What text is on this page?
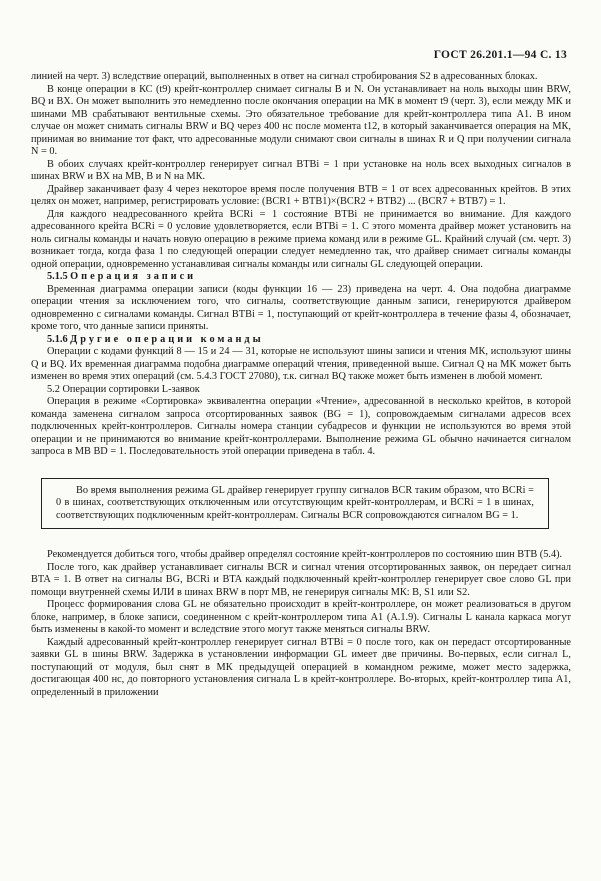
ГОСТ 26.201.1—94 С. 13

линией на черт. 3) вследствие операций, выполненных в ответ на сигнал стробирования S2 в адресованных блоках.

В конце операции в КС (t9) крейт-контроллер снимает сигналы В и N. Он устанавливает на ноль выходы шин BRW, BQ и BX. Он может выполнить это немедленно после окончания операции на МК в момент t9 (черт. 3), если между МК и шинами МВ срабатывают вентильные схемы. Это обязательное требование для крейт-контроллера типа А1. В ином случае он может снимать сигналы BRW и BQ через 400 нс после момента t12, в который заканчивается операция на МК, принимая во внимание тот факт, что адресованные модули снимают свои сигналы в шинах R и Q при получении сигнала N = 0.

В обоих случаях крейт-контроллер генерирует сигнал BTBi = 1 при установке на ноль всех выходных сигналов в шинах BRW и BX на МВ, В и N на МК.

Драйвер заканчивает фазу 4 через некоторое время после получения BTB = 1 от всех адресованных крейтов. В этих целях он может, например, регистрировать условие: (BCR1 + BTB1)×(BCR2 + BTB2) ... (BCR7 + BTB7) = 1.

Для каждого неадресованного крейта BCRi = 1 состояние BTBi не принимается во внимание. Для каждого адресованного крейта BCRi = 0 условие удовлетворяется, если BTBi = 1. С этого момента драйвер может установить на ноль сигналы команды и начать новую операцию в режиме приема команд или в режиме GL. Крайний случай (см. черт. 3) возникает тогда, когда фаза 1 по следующей операции следует немедленно так, что драйвер снимает сигналы команды одной операции, одновременно устанавливая сигналы команды или сигналы GL следующей операции.

5.1.5 Операция записи

Временная диаграмма операции записи (коды функции 16 — 23) приведена на черт. 4. Она подобна диаграмме операции чтения за исключением того, что сигналы, соответствующие данным записи, генерируются драйвером одновременно с сигналами команды. Сигнал BTBi = 1, поступающий от крейт-контроллера в течение фазы 4, обозначает, кроме того, что данные записи приняты.

5.1.6 Другие операции команды

Операции с кодами функций 8 — 15 и 24 — 31, которые не используют шины записи и чтения МК, используют шины Q и BQ. Их временная диаграмма подобна диаграмме операций чтения, приведенной выше. Сигнал Q на МК может быть изменен во время этих операций (см. 5.4.3 ГОСТ 27080), т.к. сигнал BQ также может быть изменен в любой момент.

5.2 Операции сортировки L-заявок

Операция в режиме «Сортировка» эквивалентна операции «Чтение», адресованной в несколько крейтов, в которой команда заменена сигналом запроса отсортированных заявок (BG = 1), сопровождаемым сигналами адресов всех подключенных крейт-контроллеров. Сигналы номера станции субадресов и функции не используются во время этой операции и не принимаются во внимание крейт-контроллерами. Выполнение режима GL обычно начинается сигналом запроса в МВ BD = 1. Последовательность этой операции приведена в табл. 4.

Во время выполнения режима GL драйвер генерирует группу сигналов BCR таким образом, что BCRi = 0 в шинах, соответствующих отключенным или отсутствующим крейт-контроллерам, и BCRi = 1 в шинах, соответствующих подключенным крейт-контроллерам. Сигналы BCR сопровождаются сигналом BG = 1.

Рекомендуется добиться того, чтобы драйвер определял состояние крейт-контроллеров по состоянию шин BTB (5.4).

После того, как драйвер устанавливает сигналы BCR и сигнал чтения отсортированных заявок, он передает сигнал BTA = 1. В ответ на сигналы BG, BCRi и BTA каждый подключенный крейт-контроллер генерирует свое слово GL при помощи внутренней схемы ИЛИ в шинах BRW в порт МВ, не генерируя сигналы МК: В, S1 или S2.

Процесс формирования слова GL не обязательно происходит в крейт-контроллере, он может реализоваться в другом блоке, например, в блоке записи, соединенном с крейт-контроллером типа А1 (А.1.9). Сигналы L канала каркаса могут быть изменены в какой-то момент и вследствие этого могут также меняться сигналы BRW.

Каждый адресованный крейт-контроллер генерирует сигнал BTBi = 0 после того, как он передаст отсортированные заявки GL в шины BRW. Задержка в установлении информации GL имеет две причины. Во-первых, если сигнал L, поступающий от модуля, был снят в МК предыдущей операцией в командном режиме, может место задержка, достигающая 400 нс, до повторного установления сигнала L в крейт-контроллере. Во-вторых, крейт-контроллер типа А1, определенный в приложении
